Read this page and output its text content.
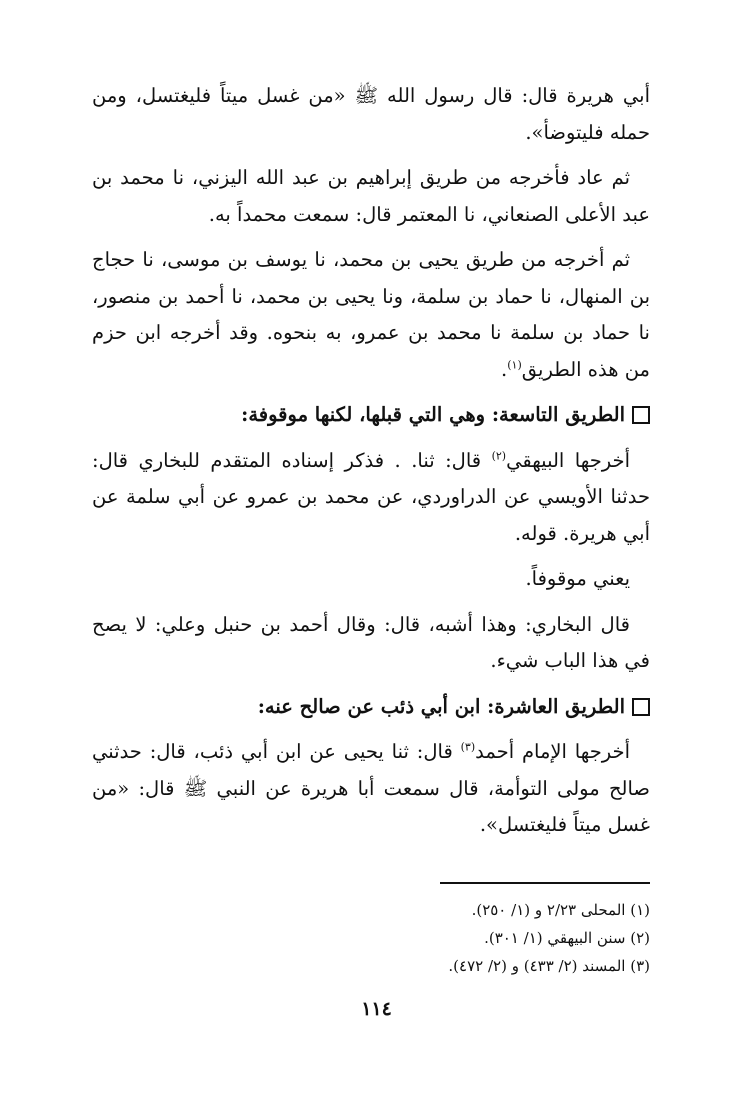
أبي هريرة قال: قال رسول الله ﷺ «من غسل ميتاً فليغتسل، ومن حمله فليتوضأ».

ثم عاد فأخرجه من طريق إبراهيم بن عبد الله اليزني، نا محمد بن عبد الأعلى الصنعاني، نا المعتمر قال: سمعت محمداً به.

ثم أخرجه من طريق يحيى بن محمد، نا يوسف بن موسى، نا حجاج بن المنهال، نا حماد بن سلمة، ونا يحيى بن محمد، نا أحمد بن منصور، نا حماد بن سلمة نا محمد بن عمرو، به بنحوه. وقد أخرجه ابن حزم من هذه الطريق$^{(١)}$.

الطريق التاسعة: وهي التي قبلها، لكنها موقوفة:

أخرجها البيهقي$^{(٢)}$ قال: ثنا. . فذكر إسناده المتقدم للبخاري قال: حدثنا الأويسي عن الدراوردي، عن محمد بن عمرو عن أبي سلمة عن أبي هريرة. قوله.

يعني موقوفاً.

قال البخاري: وهذا أشبه، قال: وقال أحمد بن حنبل وعلي: لا يصح في هذا الباب شيء.

الطريق العاشرة: ابن أبي ذئب عن صالح عنه:

أخرجها الإمام أحمد$^{(٣)}$ قال: ثنا يحيى عن ابن أبي ذئب، قال: حدثني صالح مولى التوأمة، قال سمعت أبا هريرة عن النبي ﷺ قال: «من غسل ميتاً فليغتسل».

(١) المحلى ٢/٢٣ و (١/ ٢٥٠).
(٢) سنن البيهقي (١/ ٣٠١).
(٣) المسند (٢/ ٤٣٣) و (٢/ ٤٧٢).
١١٤
